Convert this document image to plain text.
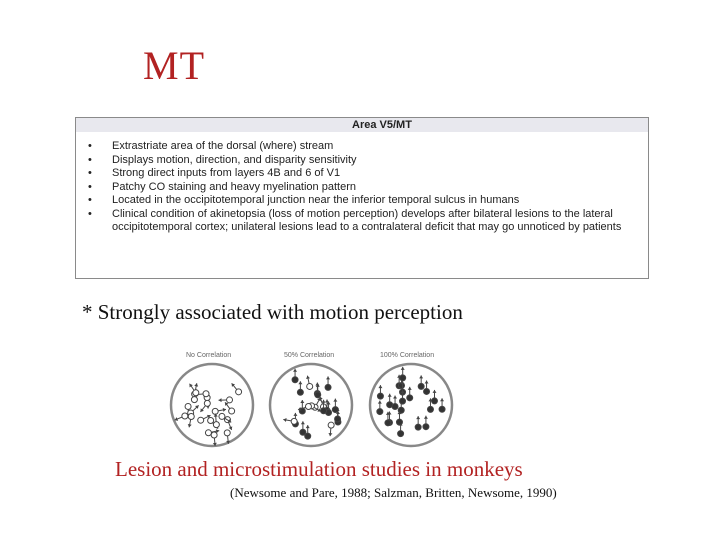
MT
Area V5/MT
• Extrastriate area of the dorsal (where) stream
• Displays motion, direction, and disparity sensitivity
• Strong direct inputs from layers 4B and 6 of V1
• Patchy CO staining and heavy myelination pattern
• Located in the occipitotemporal junction near the inferior temporal sulcus in humans
• Clinical condition of akinetopsia (loss of motion perception) develops after bilateral lesions to the lateral occipitotemporal cortex; unilateral lesions lead to a contralateral deficit that may go unnoticed by patients
* Strongly associated with motion perception
No Correlation	50% Correlation	100% Correlation
Lesion and microstimulation studies in monkeys
(Newsome and Pare, 1988; Salzman, Britten, Newsome, 1990)
